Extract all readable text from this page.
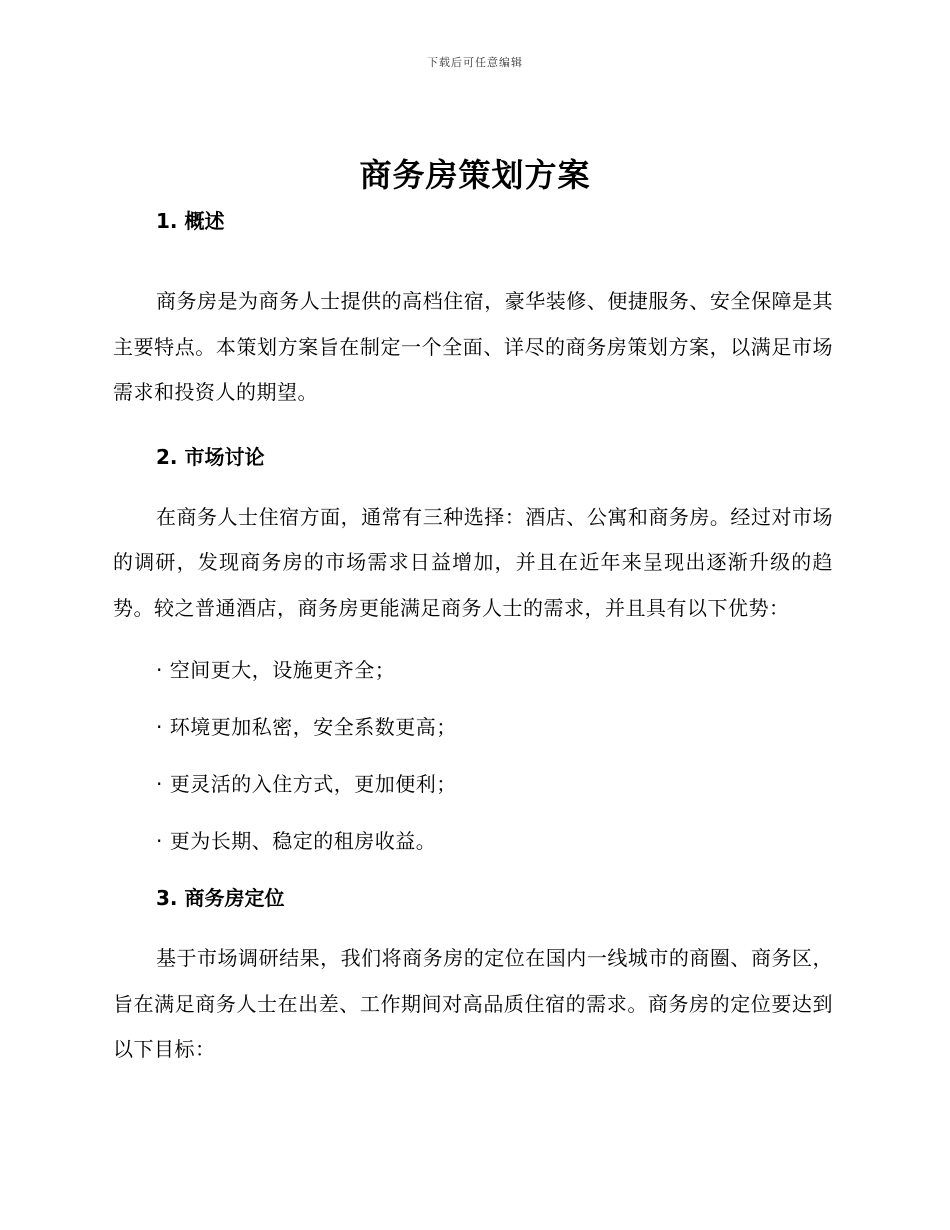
下载后可任意编辑
商务房策划方案
1. 概述

商务房是为商务人士提供的高档住宿，豪华装修、便捷服务、安全保障是其主要特点。本策划方案旨在制定一个全面、详尽的商务房策划方案，以满足市场需求和投资人的期望。

2. 市场讨论

在商务人士住宿方面，通常有三种选择：酒店、公寓和商务房。经过对市场的调研，发现商务房的市场需求日益增加，并且在近年来呈现出逐渐升级的趋势。较之普通酒店，商务房更能满足商务人士的需求，并且具有以下优势：

· 空间更大，设施更齐全；
· 环境更加私密，安全系数更高；
· 更灵活的入住方式，更加便利；
· 更为长期、稳定的租房收益。
3. 商务房定位

基于市场调研结果，我们将商务房的定位在国内一线城市的商圈、商务区，旨在满足商务人士在出差、工作期间对高品质住宿的需求。商务房的定位要达到以下目标：
